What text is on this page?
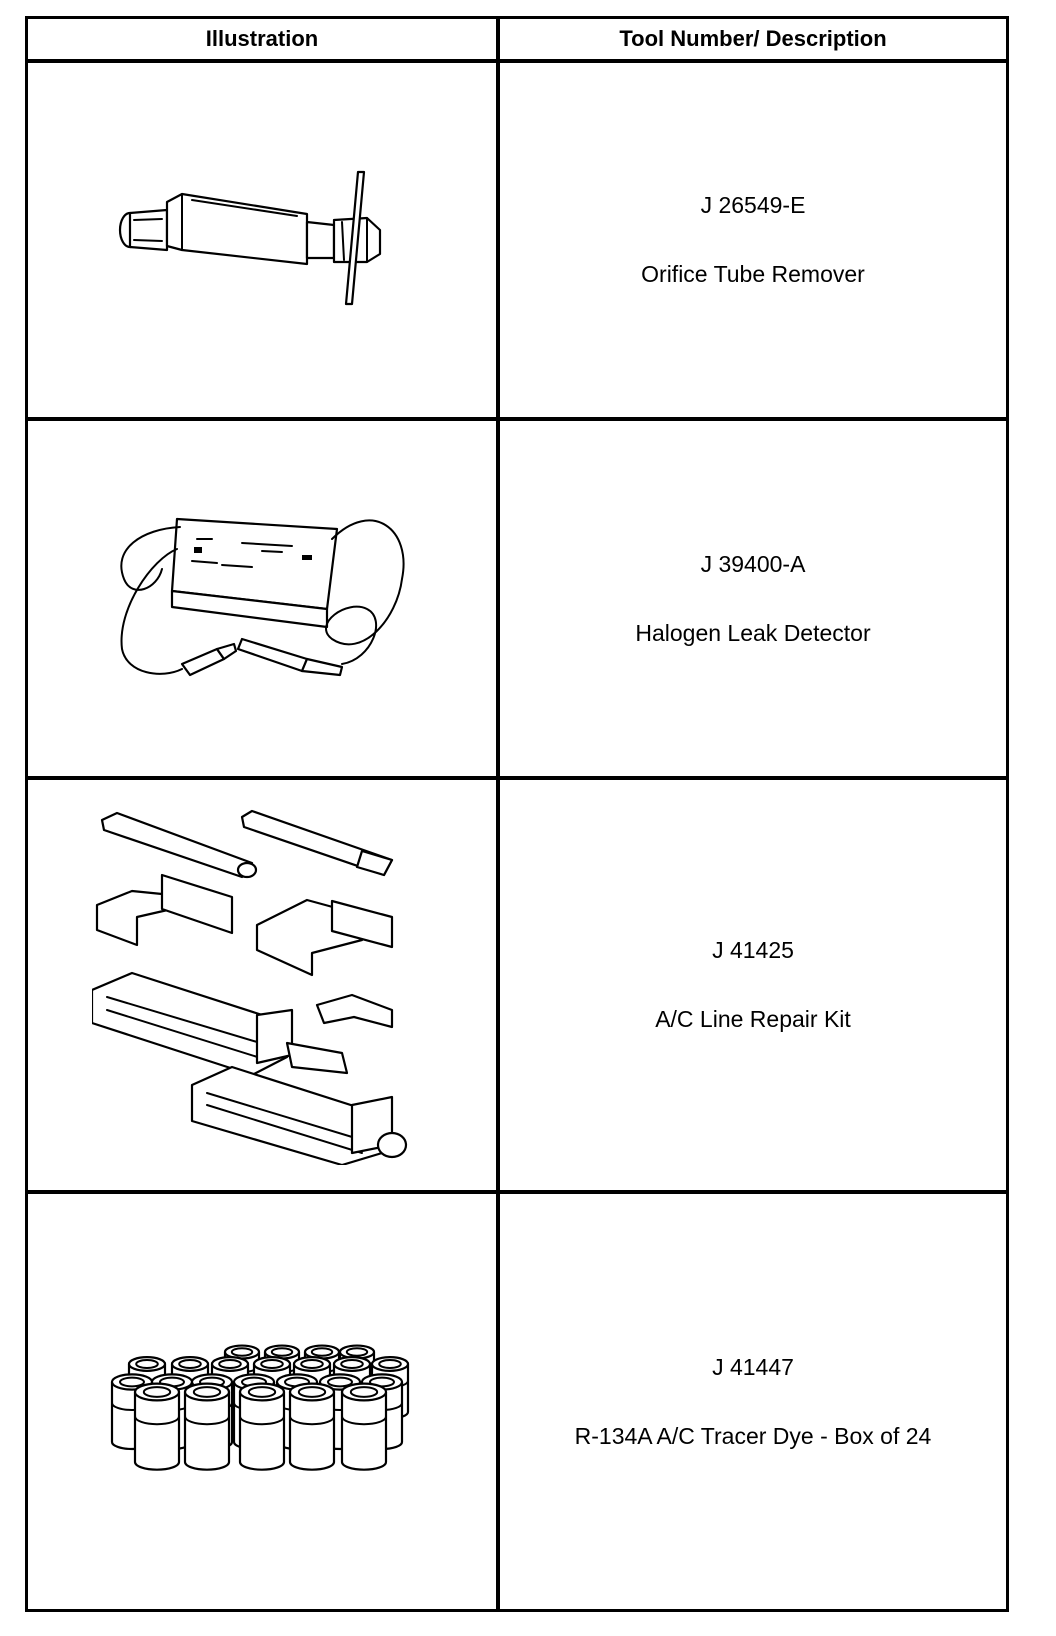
Illustration	Tool Number/ Description
J 26549-E
Orifice Tube Remover
J 39400-A
Halogen Leak Detector
J 41425
A/C Line Repair Kit
J 41447
R-134A A/C Tracer Dye - Box of 24
